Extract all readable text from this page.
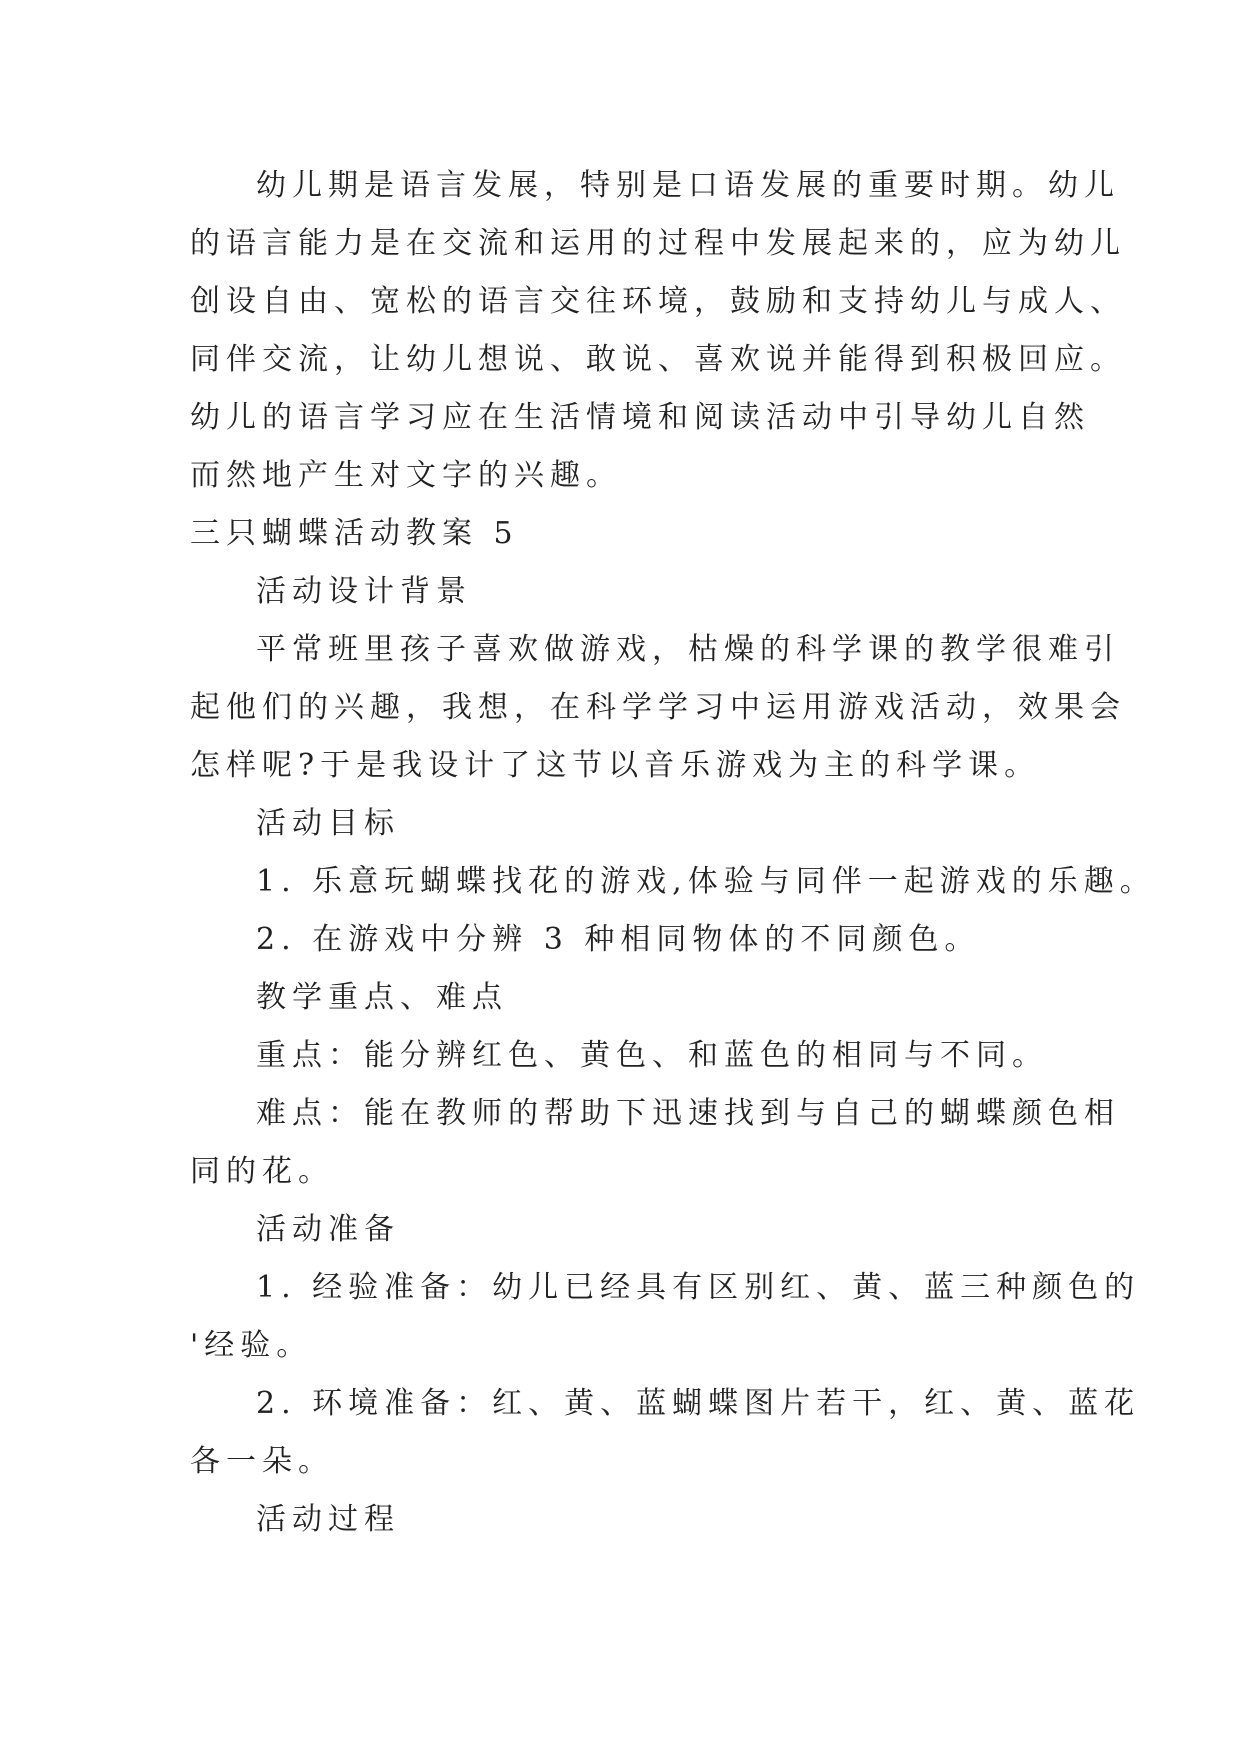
幼儿期是语言发展，特别是口语发展的重要时期。幼儿
的语言能力是在交流和运用的过程中发展起来的，应为幼儿
创设自由、宽松的语言交往环境，鼓励和支持幼儿与成人、
同伴交流，让幼儿想说、敢说、喜欢说并能得到积极回应。
幼儿的语言学习应在生活情境和阅读活动中引导幼儿自然
而然地产生对文字的兴趣。
三只蝴蝶活动教案 5
活动设计背景
平常班里孩子喜欢做游戏，枯燥的科学课的教学很难引
起他们的兴趣，我想，在科学学习中运用游戏活动，效果会
怎样呢?于是我设计了这节以音乐游戏为主的科学课。
活动目标
1. 乐意玩蝴蝶找花的游戏,体验与同伴一起游戏的乐趣。
2. 在游戏中分辨 3 种相同物体的不同颜色。
教学重点、难点
重点：能分辨红色、黄色、和蓝色的相同与不同。
难点：能在教师的帮助下迅速找到与自己的蝴蝶颜色相
同的花。
活动准备
1. 经验准备：幼儿已经具有区别红、黄、蓝三种颜色的
'经验。
2. 环境准备：红、黄、蓝蝴蝶图片若干，红、黄、蓝花
各一朵。
活动过程
